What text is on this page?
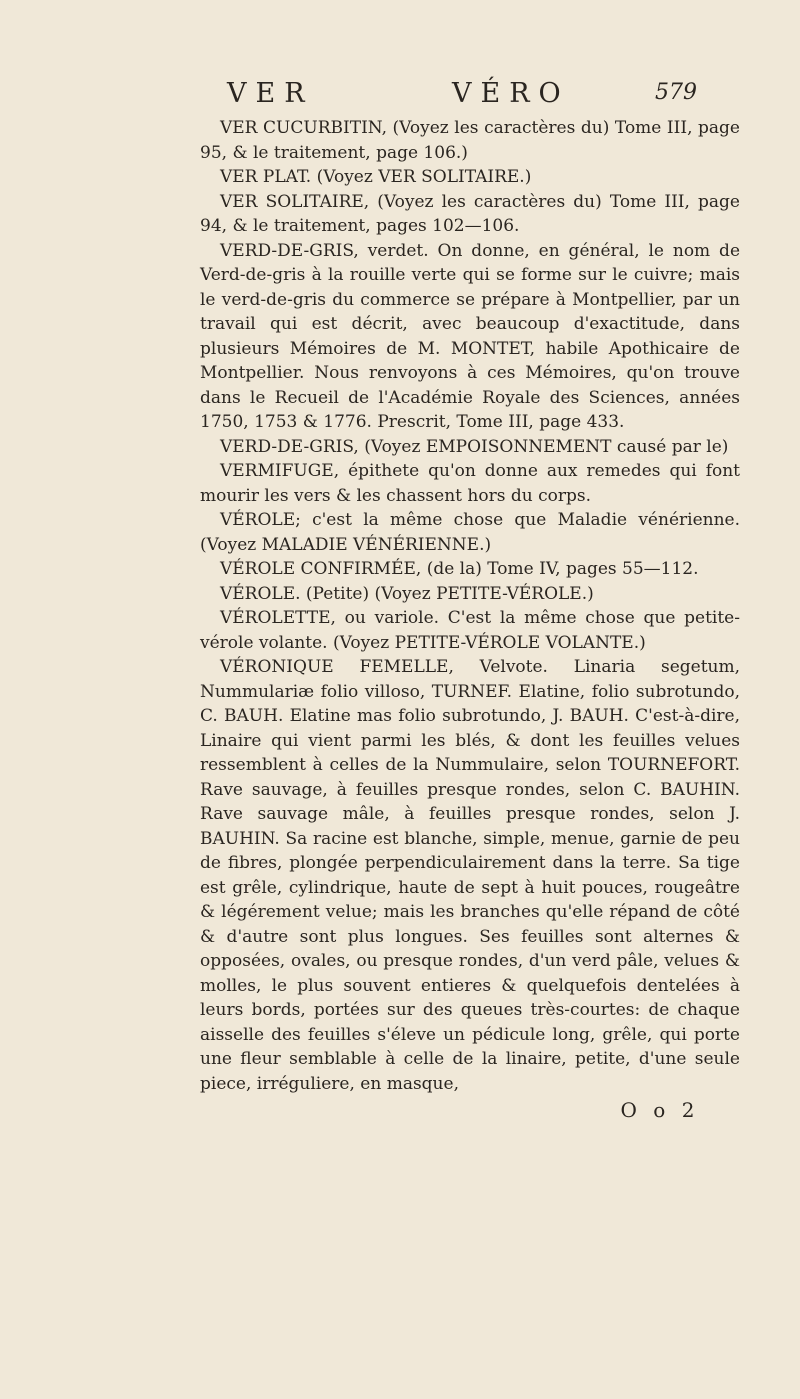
VER	VÉRO	579

VER CUCURBITIN, (Voyez les caractères du) Tome III, page 95, & le traitement, page 106.)

VER PLAT. (Voyez VER SOLITAIRE.)

VER SOLITAIRE, (Voyez les caractères du) Tome III, page 94, & le traitement, pages 102—106.

VERD-DE-GRIS, verdet. On donne, en général, le nom de Verd-de-gris à la rouille verte qui se forme sur le cuivre; mais le verd-de-gris du commerce se prépare à Montpellier, par un travail qui est décrit, avec beaucoup d'exactitude, dans plusieurs Mémoires de M. MONTET, habile Apothicaire de Montpellier. Nous renvoyons à ces Mémoires, qu'on trouve dans le Recueil de l'Académie Royale des Sciences, années 1750, 1753 & 1776. Prescrit, Tome III, page 433.

VERD-DE-GRIS, (Voyez EMPOISONNEMENT causé par le)

VERMIFUGE, épithete qu'on donne aux remedes qui font mourir les vers & les chassent hors du corps.

VÉROLE; c'est la même chose que Maladie vénérienne. (Voyez MALADIE VÉNÉRIENNE.)

VÉROLE CONFIRMÉE, (de la) Tome IV, pages 55—112.

VÉROLE. (Petite) (Voyez PETITE-VÉROLE.)

VÉROLETTE, ou variole. C'est la même chose que petite-vérole volante. (Voyez PETITE-VÉROLE VOLANTE.)

VÉRONIQUE FEMELLE, Velvote. Linaria segetum, Nummulariæ folio villoso, TURNEF. Elatine, folio subrotundo, C. BAUH. Elatine mas folio subrotundo, J. BAUH. C'est-à-dire, Linaire qui vient parmi les blés, & dont les feuilles velues ressemblent à celles de la Nummulaire, selon TOURNEFORT. Rave sauvage, à feuilles presque rondes, selon C. BAUHIN. Rave sauvage mâle, à feuilles presque rondes, selon J. BAUHIN. Sa racine est blanche, simple, menue, garnie de peu de fibres, plongée perpendiculairement dans la terre. Sa tige est grêle, cylindrique, haute de sept à huit pouces, rougeâtre & légérement velue; mais les branches qu'elle répand de côté & d'autre sont plus longues. Ses feuilles sont alternes & opposées, ovales, ou presque rondes, d'un verd pâle, velues & molles, le plus souvent entieres & quelquefois dentelées à leurs bords, portées sur des queues très-courtes: de chaque aisselle des feuilles s'éleve un pédicule long, grêle, qui porte une fleur semblable à celle de la linaire, petite, d'une seule piece, irréguliere, en masque,

O o 2
